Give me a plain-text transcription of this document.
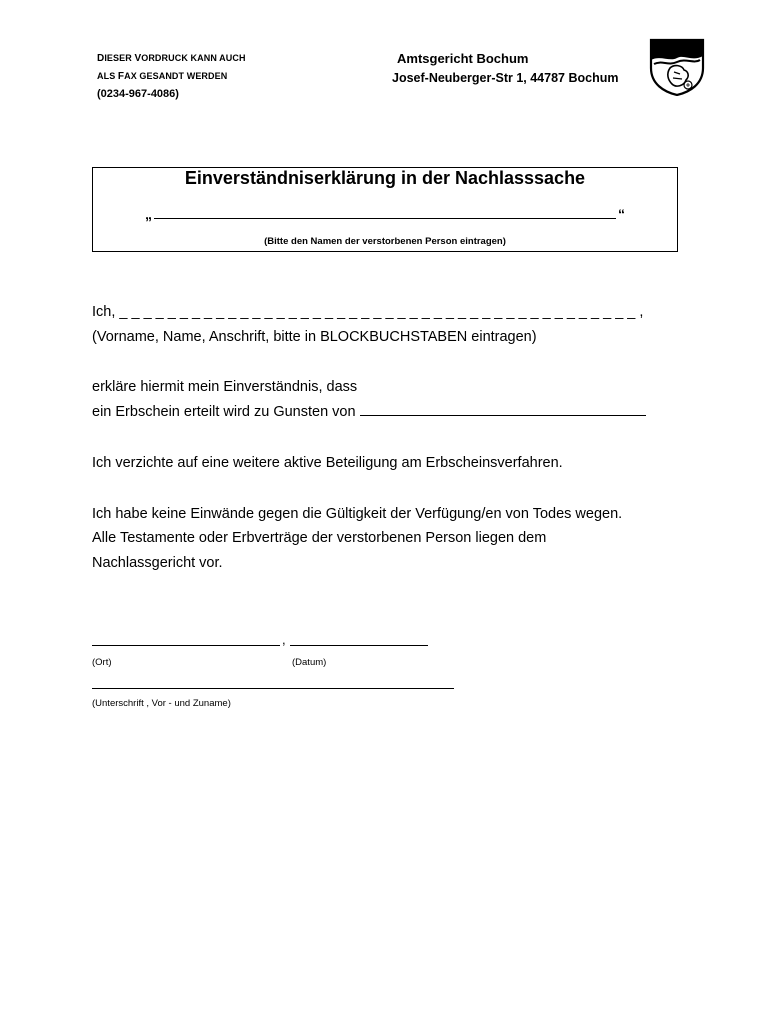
DIESER VORDRUCK KANN AUCH
ALS FAX GESANDT WERDEN
(0234-967-4086)
Amtsgericht Bochum
Josef-Neuberger-Str 1, 44787 Bochum
Einverständniserklärung in der Nachlasssache
„	“
(Bitte den Namen der verstorbenen Person eintragen)
Ich, _ _ _ _ _ _ _ _ _ _ _ _ _ _ _ _ _ _ _ _ _ _ _ _ _ _ _ _ _ _ _ _ _ _ _ _ _ _ _ _ _ _ _ ,
(Vorname, Name, Anschrift, bitte in BLOCKBUCHSTABEN eintragen)
erkläre hiermit mein Einverständnis, dass
ein Erbschein erteilt wird zu Gunsten von
Ich verzichte auf eine weitere aktive Beteiligung am Erbscheinsverfahren.
Ich habe keine Einwände gegen die Gültigkeit der Verfügung/en von Todes wegen.
Alle Testamente oder Erbverträge der verstorbenen Person liegen dem
Nachlassgericht vor.
,
(Ort)	(Datum)
(Unterschrift , Vor - und Zuname)
